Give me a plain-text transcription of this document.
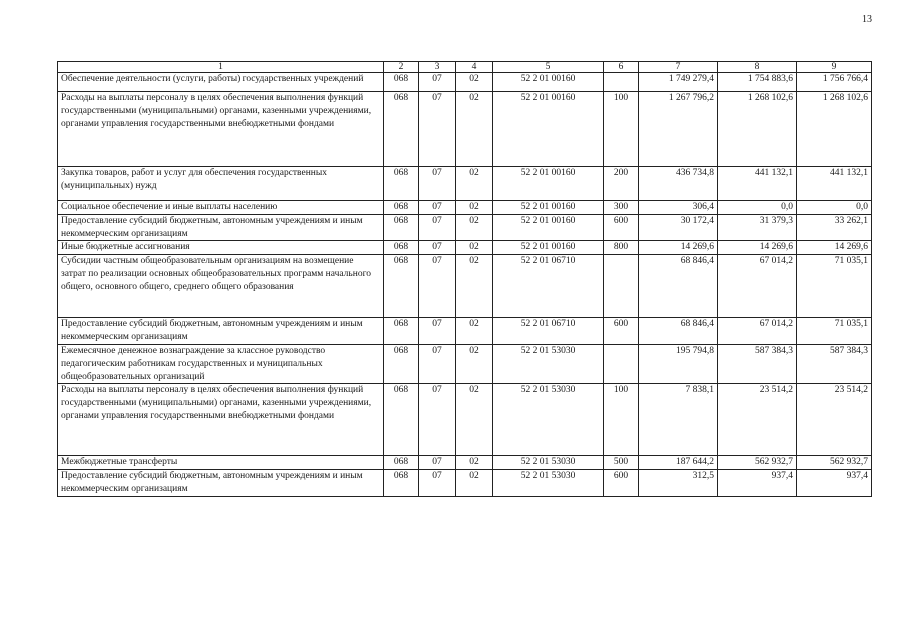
13
1	2	3	4	5	6	7	8	9
Обеспечение деятельности (услуги, работы) государственных учреждений	068	07	02	52 2 01 00160		1 749 279,4	1 754 883,6	1 756 766,4
Расходы на выплаты персоналу в целях обеспечения выполнения функций государственными (муниципальными) органами, казенными учреждениями, органами управления государственными внебюджетными фондами	068	07	02	52 2 01 00160	100	1 267 796,2	1 268 102,6	1 268 102,6
Закупка товаров, работ и услуг для обеспечения государственных (муниципальных) нужд	068	07	02	52 2 01 00160	200	436 734,8	441 132,1	441 132,1
Социальное обеспечение и иные выплаты населению	068	07	02	52 2 01 00160	300	306,4	0,0	0,0
Предоставление субсидий бюджетным, автономным учреждениям и иным некоммерческим организациям	068	07	02	52 2 01 00160	600	30 172,4	31 379,3	33 262,1
Иные бюджетные ассигнования	068	07	02	52 2 01 00160	800	14 269,6	14 269,6	14 269,6
Субсидии частным общеобразовательным организациям на возмещение затрат по реализации основных общеобразовательных программ начального общего, основного общего, среднего общего образования	068	07	02	52 2 01 06710		68 846,4	67 014,2	71 035,1
Предоставление субсидий бюджетным, автономным учреждениям и иным некоммерческим организациям	068	07	02	52 2 01 06710	600	68 846,4	67 014,2	71 035,1
Ежемесячное денежное вознаграждение за классное руководство педагогическим работникам государственных и муниципальных общеобразовательных организаций	068	07	02	52 2 01 53030		195 794,8	587 384,3	587 384,3
Расходы на выплаты персоналу в целях обеспечения выполнения функций государственными (муниципальными) органами, казенными учреждениями, органами управления государственными внебюджетными фондами	068	07	02	52 2 01 53030	100	7 838,1	23 514,2	23 514,2
Межбюджетные трансферты	068	07	02	52 2 01 53030	500	187 644,2	562 932,7	562 932,7
Предоставление субсидий бюджетным, автономным учреждениям и иным некоммерческим организациям	068	07	02	52 2 01 53030	600	312,5	937,4	937,4
